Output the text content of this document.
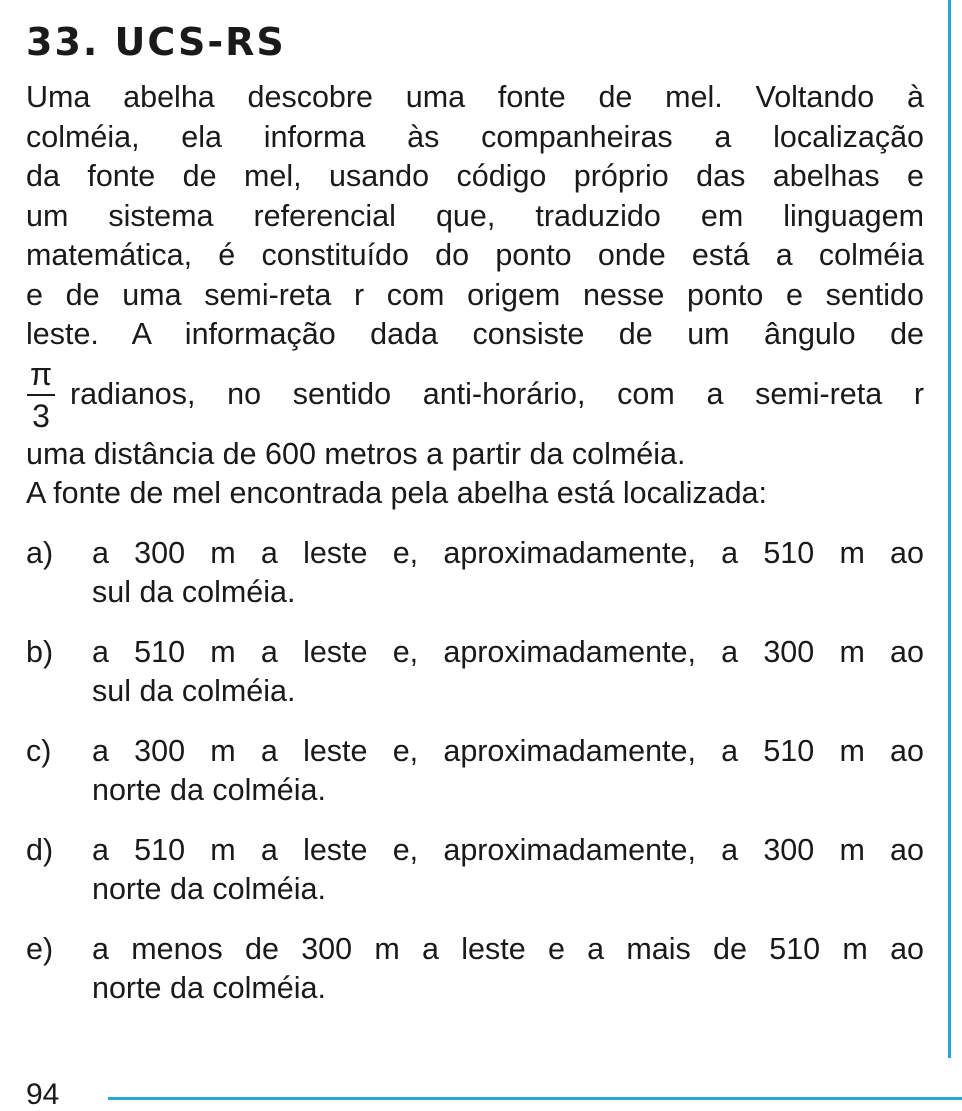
33. UCS-RS
Uma abelha descobre uma fonte de mel. Voltando à
colméia, ela informa às companheiras a localização
da fonte de mel, usando código próprio das abelhas e
um sistema referencial que, traduzido em linguagem
matemática, é constituído do ponto onde está a colméia
e de uma semi-reta r com origem nesse ponto e sentido
leste. A informação dada consiste de um ângulo de
$\frac{\pi}{3}$ radianos, no sentido anti-horário, com a semi-reta r
uma distância de 600 metros a partir da colméia.
A fonte de mel encontrada pela abelha está localizada:
a) a 300 m a leste e, aproximadamente, a 510 m ao
sul da colméia.
b) a 510 m a leste e, aproximadamente, a 300 m ao
sul da colméia.
c) a 300 m a leste e, aproximadamente, a 510 m ao
norte da colméia.
d) a 510 m a leste e, aproximadamente, a 300 m ao
norte da colméia.
e) a menos de 300 m a leste e a mais de 510 m ao
norte da colméia.
94
